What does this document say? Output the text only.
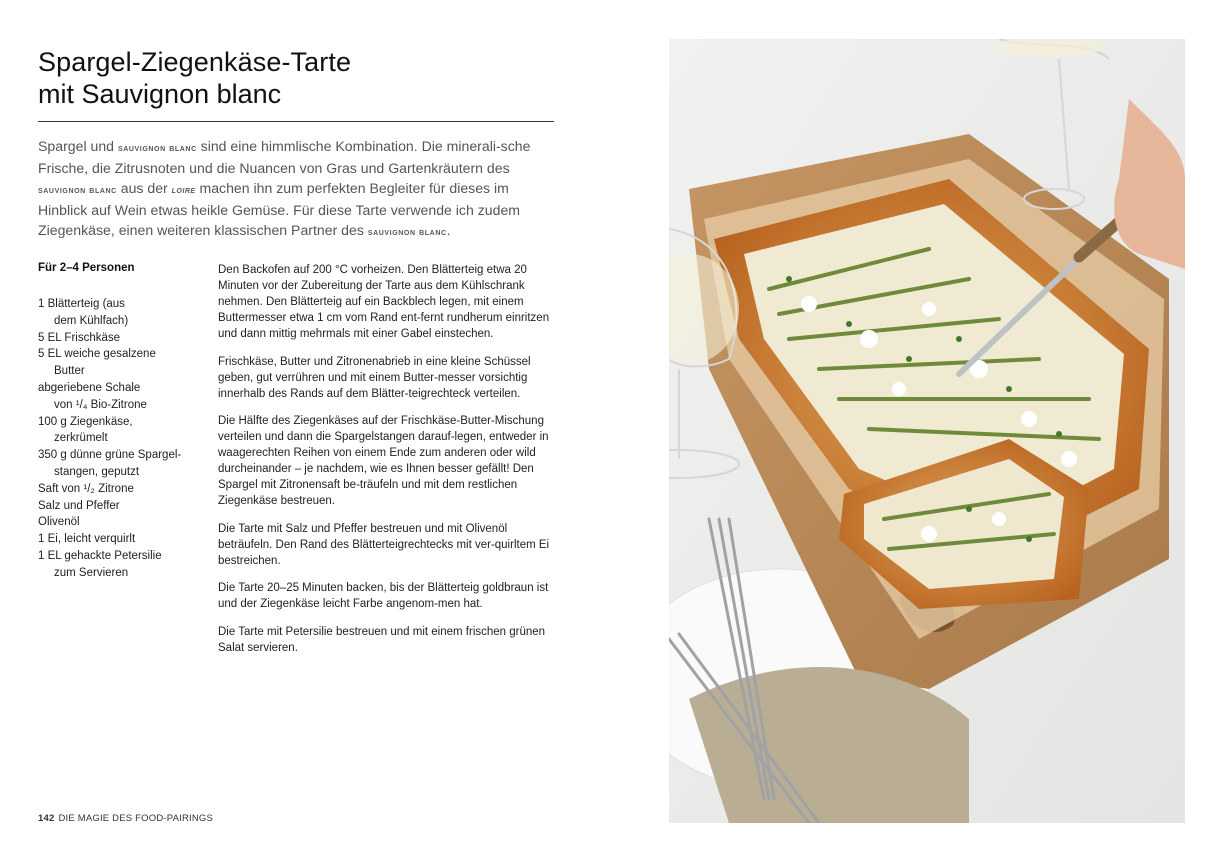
Spargel-Ziegenkäse-Tarte
mit Sauvignon blanc

Spargel und sauvignon blanc sind eine himmlische Kombination. Die minerali-sche Frische, die Zitrusnoten und die Nuancen von Gras und Gartenkräutern des sauvignon blanc aus der loire machen ihn zum perfekten Begleiter für dieses im Hinblick auf Wein etwas heikle Gemüse. Für diese Tarte verwende ich zudem Ziegenkäse, einen weiteren klassischen Partner des sauvignon blanc.

Für 2–4 Personen
1 Blätterteig (aus
dem Kühlfach)
5 EL Frischkäse
5 EL weiche gesalzene
Butter
abgeriebene Schale
von ¹/₄ Bio-Zitrone
100 g Ziegenkäse,
zerkrümelt
350 g dünne grüne Spargel-
stangen, geputzt
Saft von ¹/₂ Zitrone
Salz und Pfeffer
Olivenöl
1 Ei, leicht verquirlt
1 EL gehackte Petersilie
zum Servieren

Den Backofen auf 200 °C vorheizen. Den Blätterteig etwa 20 Minuten vor der Zubereitung der Tarte aus dem Kühlschrank nehmen. Den Blätterteig auf ein Backblech legen, mit einem Buttermesser etwa 1 cm vom Rand ent-fernt rundherum einritzen und dann mittig mehrmals mit einer Gabel einstechen.

Frischkäse, Butter und Zitronenabrieb in eine kleine Schüssel geben, gut verrühren und mit einem Butter-messer vorsichtig innerhalb des Rands auf dem Blätter-teigrechteck verteilen.

Die Hälfte des Ziegenkäses auf der Frischkäse-Butter-Mischung verteilen und dann die Spargelstangen darauf-legen, entweder in waagerechten Reihen von einem Ende zum anderen oder wild durcheinander – je nachdem, wie es Ihnen besser gefällt! Den Spargel mit Zitronensaft be-träufeln und mit dem restlichen Ziegenkäse bestreuen.

Die Tarte mit Salz und Pfeffer bestreuen und mit Olivenöl beträufeln. Den Rand des Blätterteigrechtecks mit ver-quirltem Ei bestreichen.

Die Tarte 20–25 Minuten backen, bis der Blätterteig goldbraun ist und der Ziegenkäse leicht Farbe angenom-men hat.

Die Tarte mit Petersilie bestreuen und mit einem frischen grünen Salat servieren.

142 DIE MAGIE DES FOOD-PAIRINGS
